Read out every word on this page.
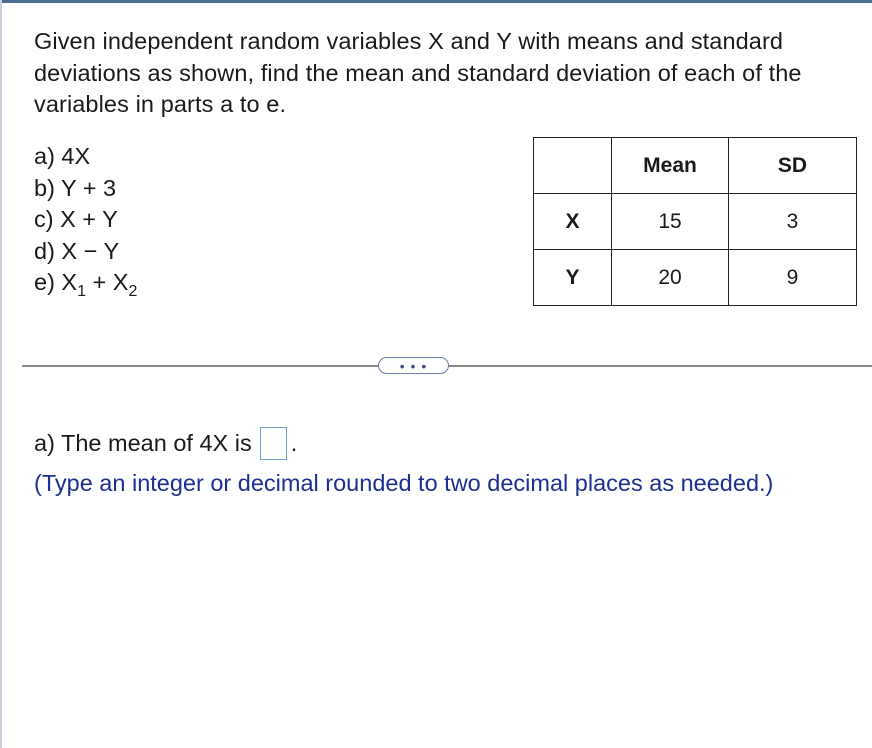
Given independent random variables X and Y with means and standard deviations as shown, find the mean and standard deviation of each of the variables in parts a to e.
a) 4X
b) Y + 3
c) X + Y
d) X − Y
e) $X_1 + X_2$
	Mean	SD
X	15	3
Y	20	9
• • •
a) The mean of 4X is .
(Type an integer or decimal rounded to two decimal places as needed.)
